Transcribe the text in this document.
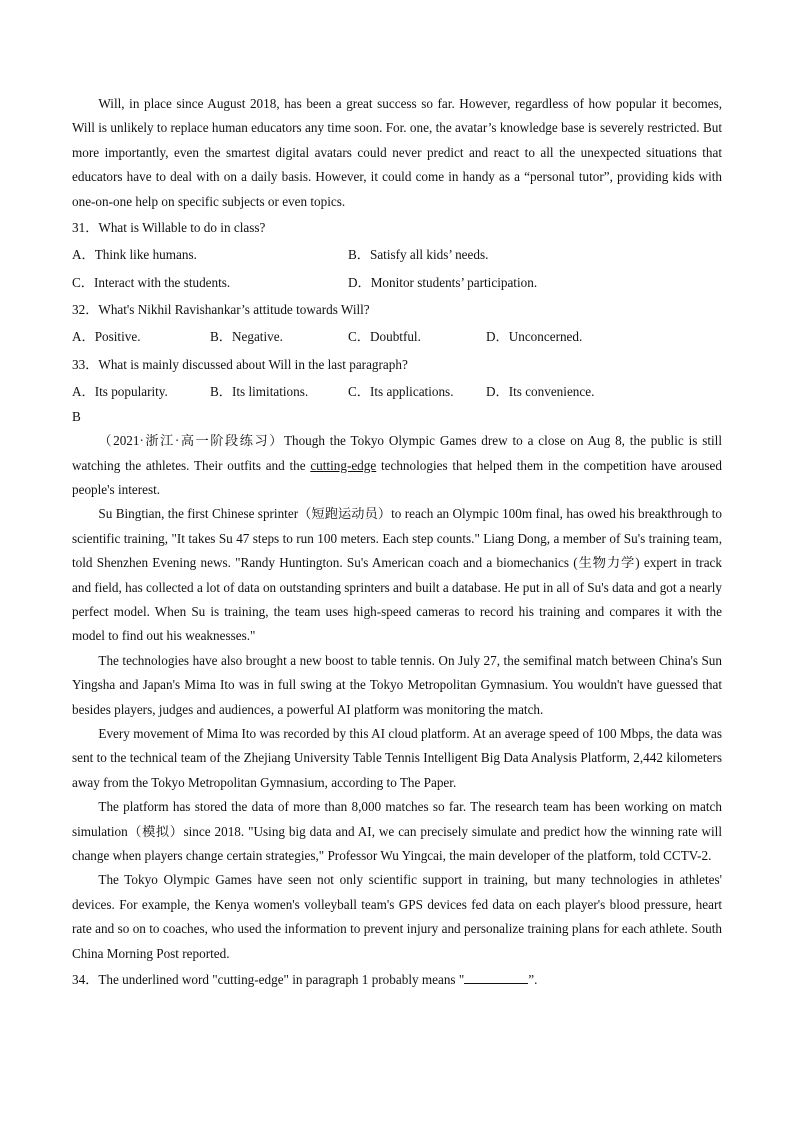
Will, in place since August 2018, has been a great success so far. However, regardless of how popular it becomes, Will is unlikely to replace human educators any time soon. For. one, the avatar’s knowledge base is severely restricted. But more importantly, even the smartest digital avatars could never predict and react to all the unexpected situations that educators have to deal with on a daily basis. However, it could come in handy as a “personal tutor”, providing kids with one-on-one help on specific subjects or even topics.

31．What is Willable to do in class?

A．Think like humans.	B．Satisfy all kids’ needs.
C．Interact with the students.	D．Monitor students’ participation.

32．What's Nikhil Ravishankar’s attitude towards Will?

A．Positive.	B．Negative.	C．Doubtful.	D．Unconcerned.

33．What is mainly discussed about Will in the last paragraph?

A．Its popularity.	B．Its limitations.	C．Its applications. D．Its convenience.

B

（2021·浙江·高一阶段练习）Though the Tokyo Olympic Games drew to a close on Aug 8, the public is still watching the athletes. Their outfits and the cutting-edge technologies that helped them in the competition have aroused people's interest.

Su Bingtian, the first Chinese sprinter（短跑运动员）to reach an Olympic 100m final, has owed his breakthrough to scientific training, "It takes Su 47 steps to run 100 meters. Each step counts." Liang Dong, a member of Su's training team, told Shenzhen Evening news. "Randy Huntington. Su's American coach and a biomechanics (生物力学) expert in track and field, has collected a lot of data on outstanding sprinters and built a database. He put in all of Su's data and got a nearly perfect model. When Su is training, the team uses high-speed cameras to record his training and compares it with the model to find out his weaknesses."

The technologies have also brought a new boost to table tennis. On July 27, the semifinal match between China's Sun Yingsha and Japan's Mima Ito was in full swing at the Tokyo Metropolitan Gymnasium. You wouldn't have guessed that besides players, judges and audiences, a powerful AI platform was monitoring the match.

Every movement of Mima Ito was recorded by this AI cloud platform. At an average speed of 100 Mbps, the data was sent to the technical team of the Zhejiang University Table Tennis Intelligent Big Data Analysis Platform, 2,442 kilometers away from the Tokyo Metropolitan Gymnasium, according to The Paper.

The platform has stored the data of more than 8,000 matches so far. The research team has been working on match simulation（模拟）since 2018. "Using big data and AI, we can precisely simulate and predict how the winning rate will change when players change certain strategies," Professor Wu Yingcai, the main developer of the platform, told CCTV-2.

The Tokyo Olympic Games have seen not only scientific support in training, but many technologies in athletes' devices. For example, the Kenya women's volleyball team's GPS devices fed data on each player's blood pressure, heart rate and so on to coaches, who used the information to prevent injury and personalize training plans for each athlete. South China Morning Post reported.

34．The underlined word "cutting-edge" in paragraph 1 probably means "	”.
